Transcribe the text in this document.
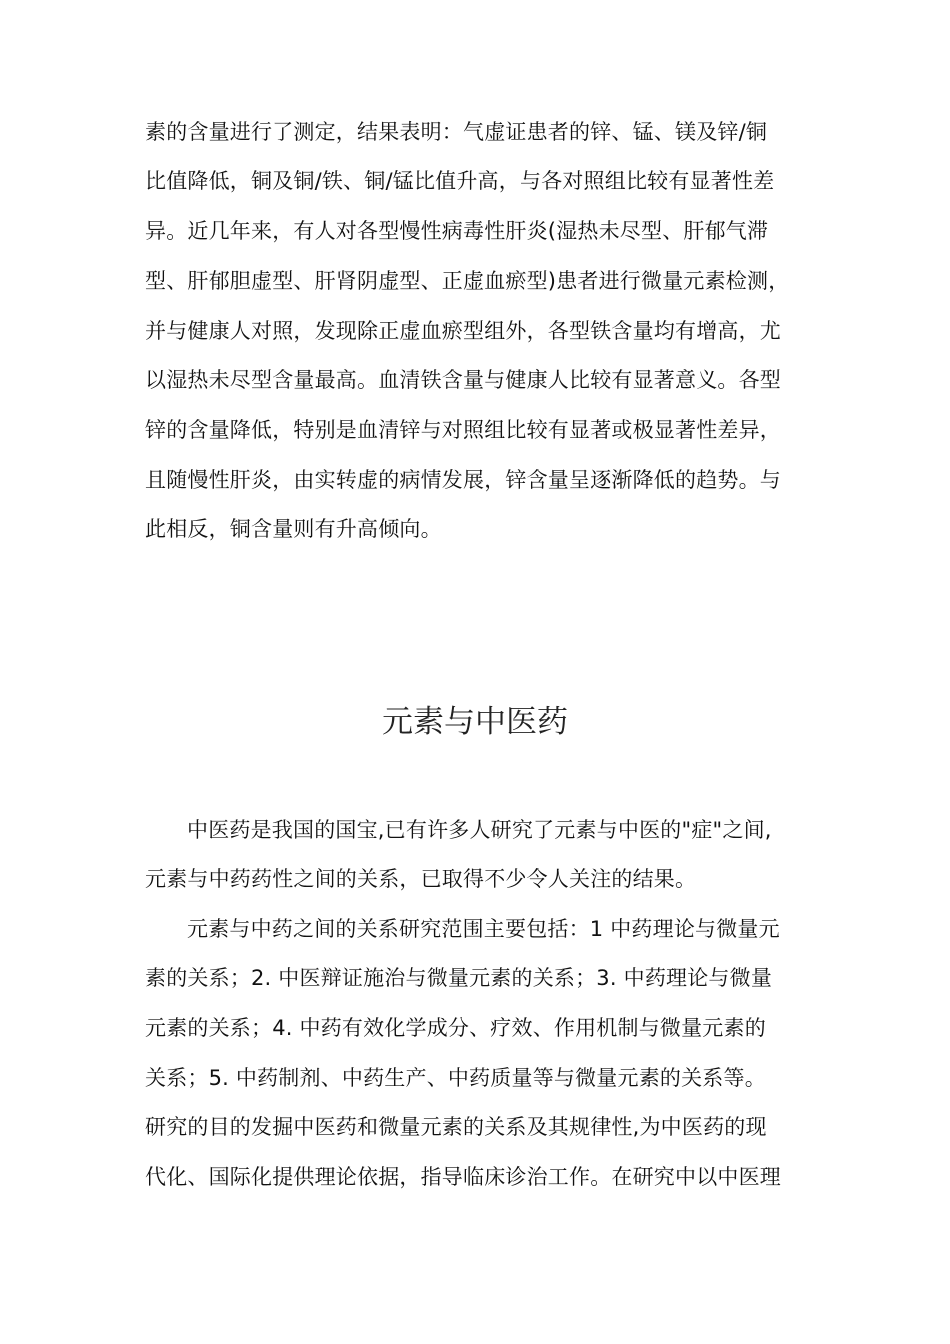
素的含量进行了测定，结果表明：气虚证患者的锌、锰、镁及锌/铜
比值降低，铜及铜/铁、铜/锰比值升高，与各对照组比较有显著性差
异。近几年来，有人对各型慢性病毒性肝炎(湿热未尽型、肝郁气滞
型、肝郁胆虚型、肝肾阴虚型、正虚血瘀型)患者进行微量元素检测，
并与健康人对照，发现除正虚血瘀型组外，各型铁含量均有增高，尤
以湿热未尽型含量最高。血清铁含量与健康人比较有显著意义。各型
锌的含量降低，特别是血清锌与对照组比较有显著或极显著性差异，
且随慢性肝炎，由实转虚的病情发展，锌含量呈逐渐降低的趋势。与
此相反，铜含量则有升高倾向。
元素与中医药
中医药是我国的国宝,已有许多人研究了元素与中医的"症"之间,
元素与中药药性之间的关系，已取得不少令人关注的结果。
元素与中药之间的关系研究范围主要包括：1 中药理论与微量元
素的关系；2. 中医辩证施治与微量元素的关系；3. 中药理论与微量
元素的关系；4. 中药有效化学成分、疗效、作用机制与微量元素的
关系；5. 中药制剂、中药生产、中药质量等与微量元素的关系等。
研究的目的发掘中医药和微量元素的关系及其规律性,为中医药的现
代化、国际化提供理论依据，指导临床诊治工作。在研究中以中医理
